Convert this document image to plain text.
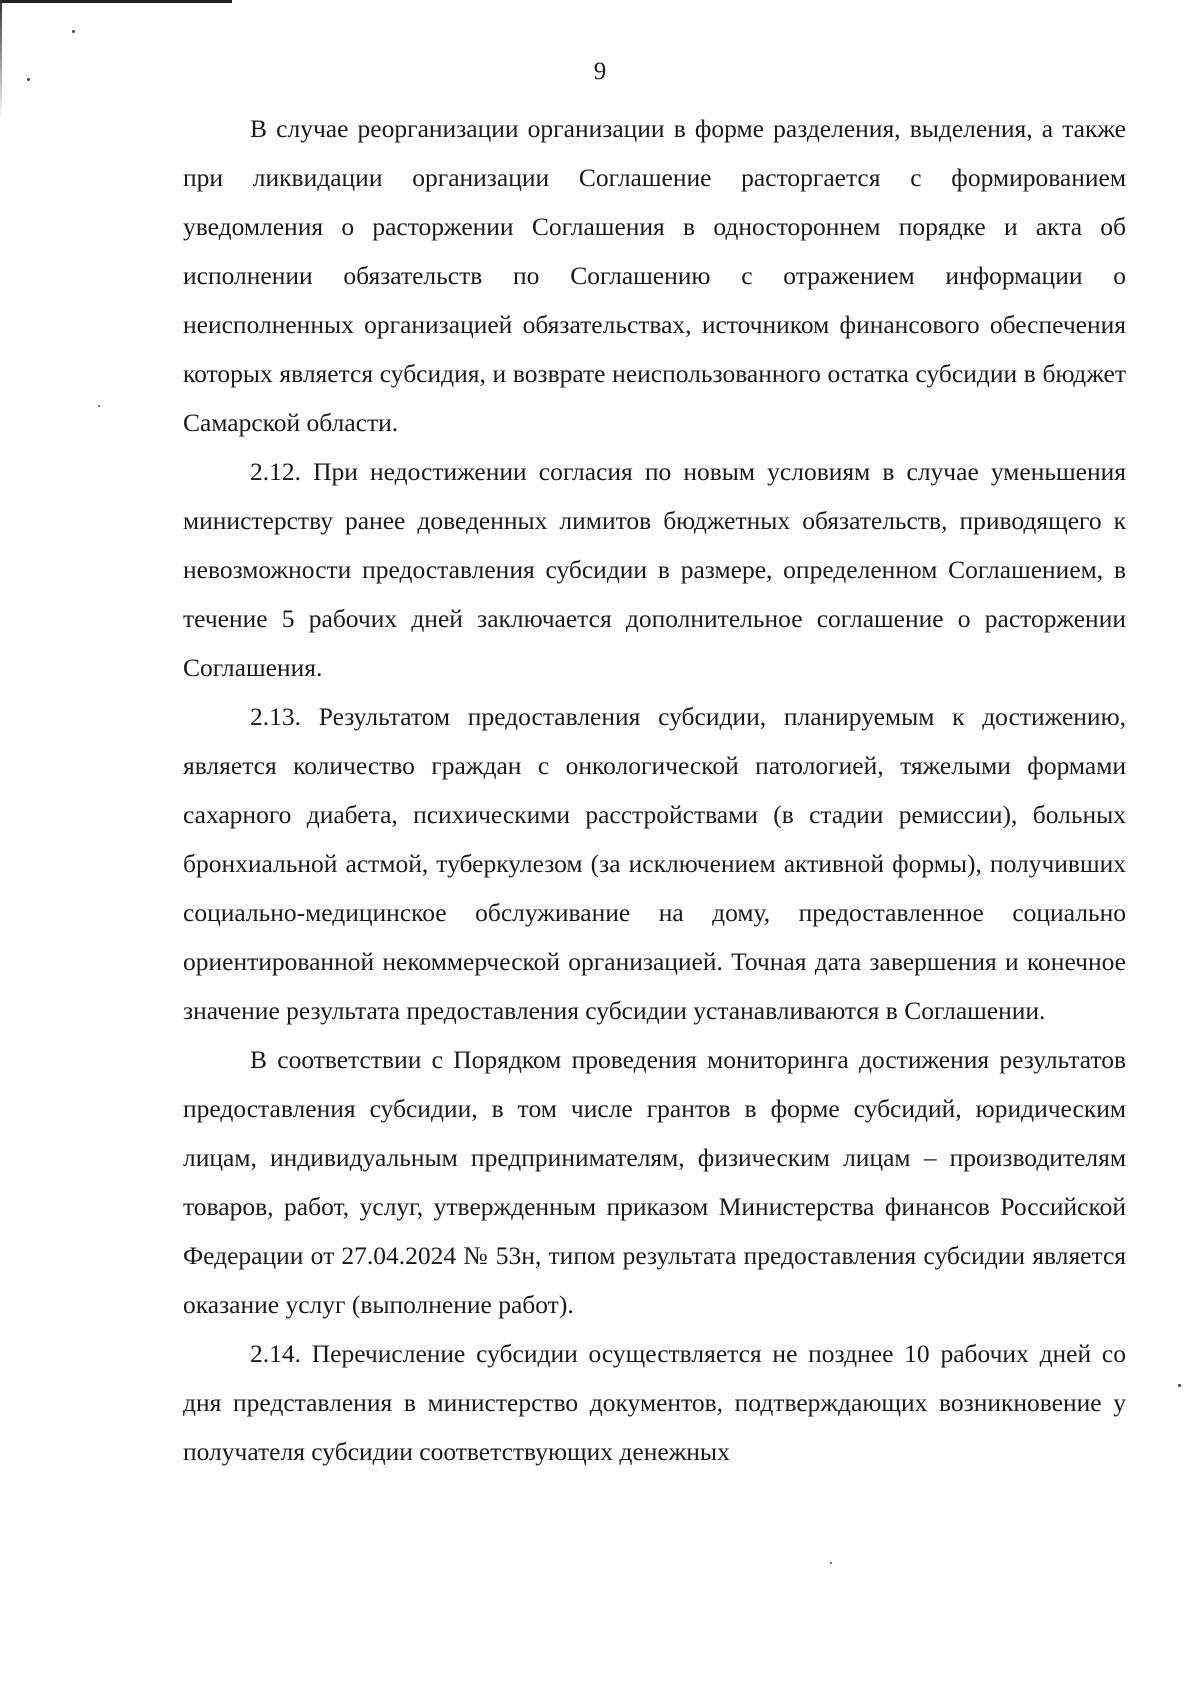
9

В случае реорганизации организации в форме разделения, выделения, а также при ликвидации организации Соглашение расторгается с формированием уведомления о расторжении Соглашения в одностороннем порядке и акта об исполнении обязательств по Соглашению с отражением информации о неисполненных организацией обязательствах, источником финансового обеспечения которых является субсидия, и возврате неиспользованного остатка субсидии в бюджет Самарской области.

2.12. При недостижении согласия по новым условиям в случае уменьшения министерству ранее доведенных лимитов бюджетных обязательств, приводящего к невозможности предоставления субсидии в размере, определенном Соглашением, в течение 5 рабочих дней заключается дополнительное соглашение о расторжении Соглашения.

2.13. Результатом предоставления субсидии, планируемым к достижению, является количество граждан с онкологической патологией, тяжелыми формами сахарного диабета, психическими расстройствами (в стадии ремиссии), больных бронхиальной астмой, туберкулезом (за исключением активной формы), получивших социально-медицинское обслуживание на дому, предоставленное социально ориентированной некоммерческой организацией. Точная дата завершения и конечное значение результата предоставления субсидии устанавливаются в Соглашении.

В соответствии с Порядком проведения мониторинга достижения результатов предоставления субсидии, в том числе грантов в форме субсидий, юридическим лицам, индивидуальным предпринимателям, физическим лицам – производителям товаров, работ, услуг, утвержденным приказом Министерства финансов Российской Федерации от 27.04.2024 № 53н, типом результата предоставления субсидии является оказание услуг (выполнение работ).

2.14. Перечисление субсидии осуществляется не позднее 10 рабочих дней со дня представления в министерство документов, подтверждающих возникновение у получателя субсидии соответствующих денежных
